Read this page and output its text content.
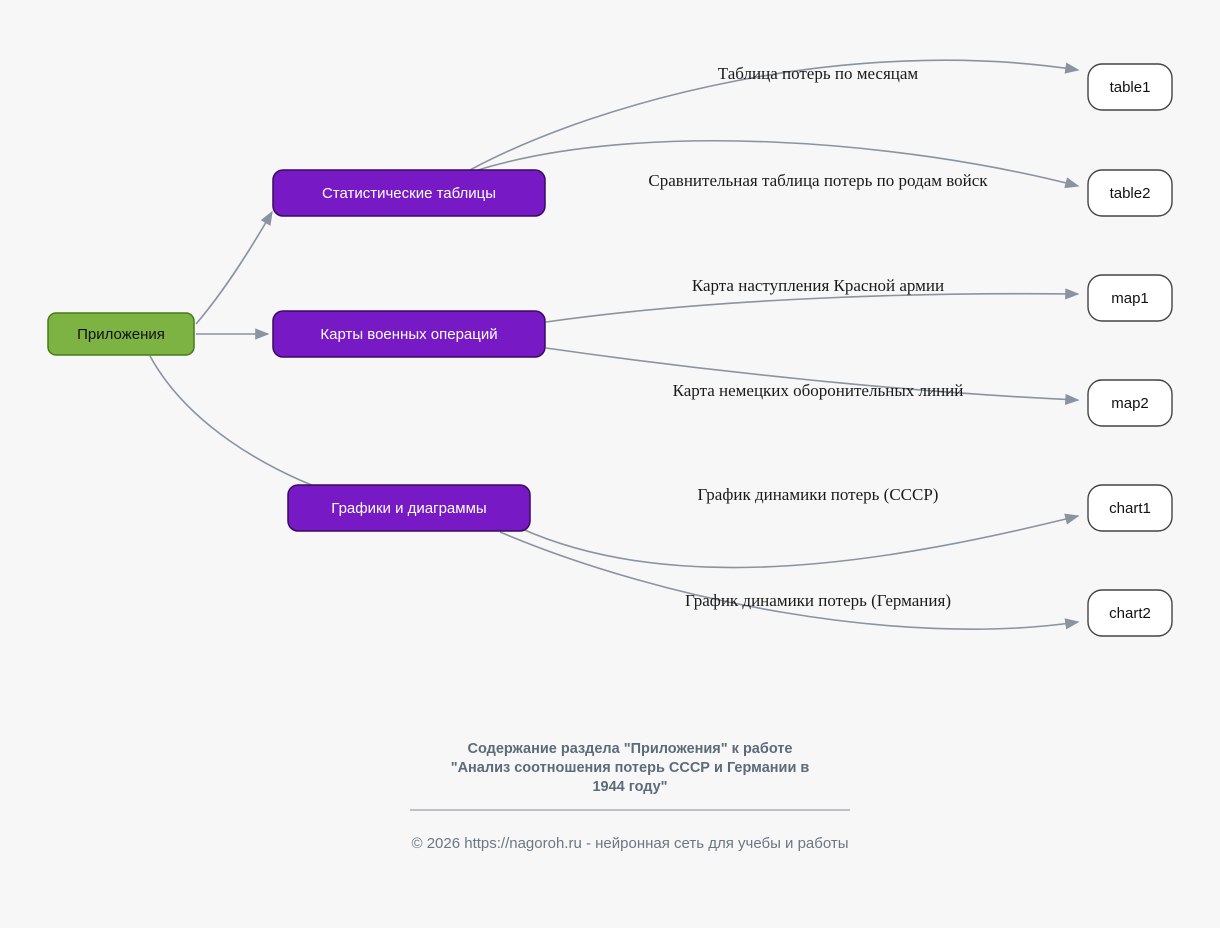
Таблица потерь по месяцам
Сравнительная таблица потерь по родам войск
Карта наступления Красной армии
Карта немецких оборонительных линий
График динамики потерь (СССР)
График динамики потерь (Германия)
Приложения
Статистические таблицы
Карты военных операций
Графики и диаграммы
table1
table2
map1
map2
chart1
chart2
Содержание раздела "Приложения" к работе
"Анализ соотношения потерь СССР и Германии в
1944 году"
© 2026 https://nagoroh.ru - нейронная сеть для учебы и работы
